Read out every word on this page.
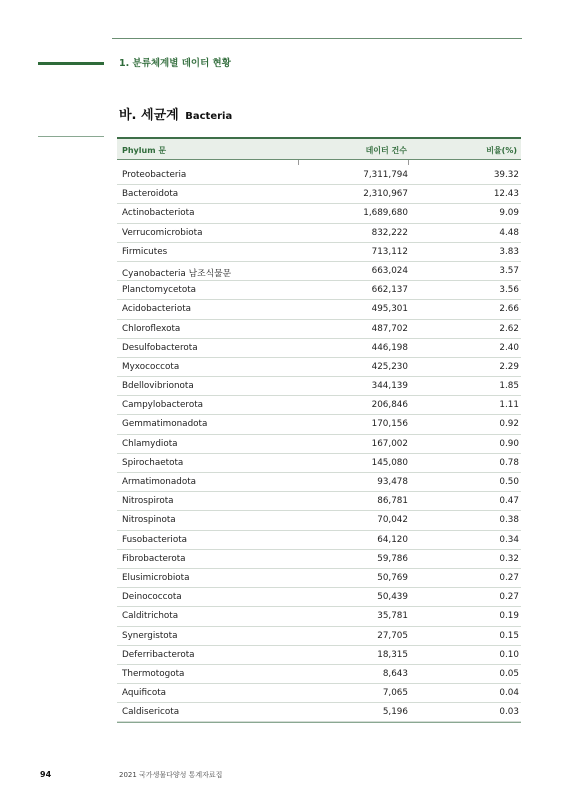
1. 분류체계별 데이터 현황
바. 세균계 Bacteria
Phylum 문	데이터 건수	비율(%)
Proteobacteria	7,311,794	39.32
Bacteroidota	2,310,967	12.43
Actinobacteriota	1,689,680	9.09
Verrucomicrobiota	832,222	4.48
Firmicutes	713,112	3.83
Cyanobacteria 남조식물문	663,024	3.57
Planctomycetota	662,137	3.56
Acidobacteriota	495,301	2.66
Chloroflexota	487,702	2.62
Desulfobacterota	446,198	2.40
Myxococcota	425,230	2.29
Bdellovibrionota	344,139	1.85
Campylobacterota	206,846	1.11
Gemmatimonadota	170,156	0.92
Chlamydiota	167,002	0.90
Spirochaetota	145,080	0.78
Armatimonadota	93,478	0.50
Nitrospirota	86,781	0.47
Nitrospinota	70,042	0.38
Fusobacteriota	64,120	0.34
Fibrobacterota	59,786	0.32
Elusimicrobiota	50,769	0.27
Deinococcota	50,439	0.27
Calditrichota	35,781	0.19
Synergistota	27,705	0.15
Deferribacterota	18,315	0.10
Thermotogota	8,643	0.05
Aquificota	7,065	0.04
Caldisericota	5,196	0.03
94	2021 국가생물다양성 통계자료집
